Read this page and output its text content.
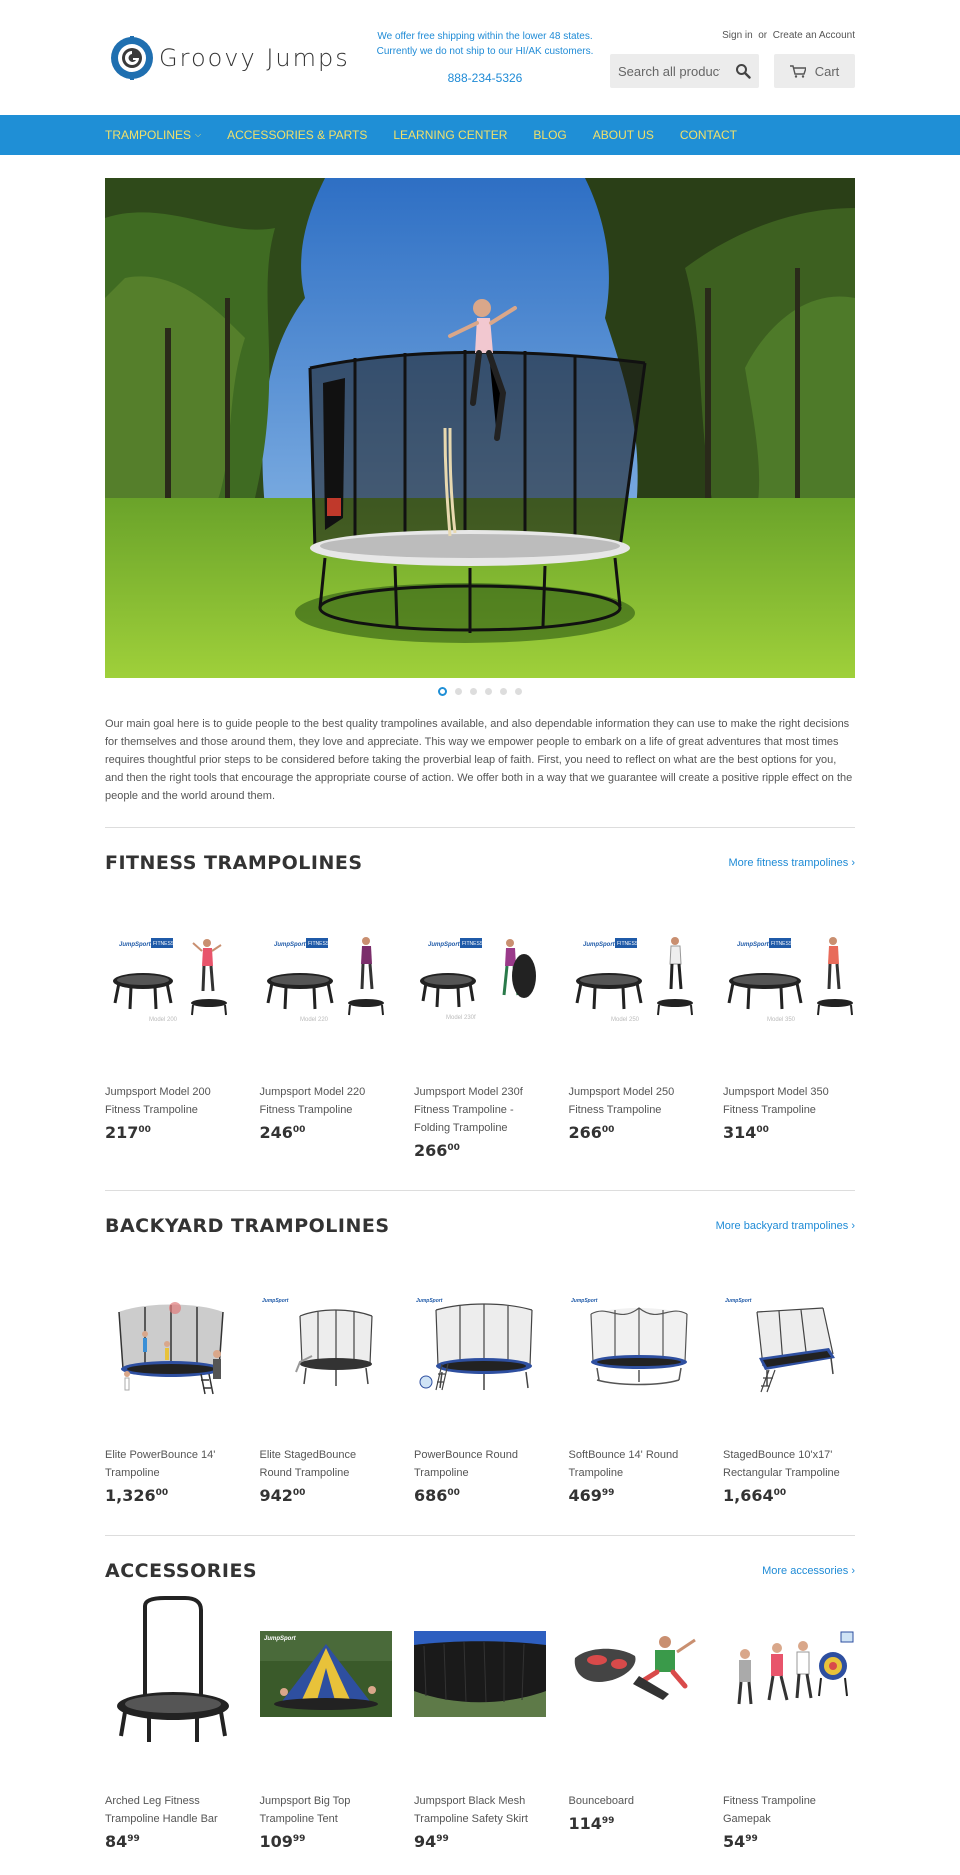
Groovy Jumps
We offer free shipping within the lower 48 states.
Currently we do not ship to our HI/AK customers.
888-234-5326
Sign in or Create an Account
Search all products...
Cart
TRAMPOLINES ⌵ ACCESSORIES & PARTS LEARNING CENTER BLOG ABOUT US CONTACT

Our main goal here is to guide people to the best quality trampolines available, and also dependable information they can use to make the right decisions for themselves and those around them, they love and appreciate. This way we empower people to embark on a life of great adventures that most times requires thoughtful prior steps to be considered before taking the proverbial leap of faith. First, you need to reflect on what are the best options for you, and then the right tools that encourage the appropriate course of action. We offer both in a way that we guarantee will create a positive ripple effect on the people and the world around them.

FITNESS TRAMPOLINES	More fitness trampolines ›
JumpSport FITNESS
Model 200
Jumpsport Model 200 Fitness Trampoline
$217^{00}$
JumpSport FITNESS
Model 220
Jumpsport Model 220 Fitness Trampoline
$246^{00}$
JumpSport FITNESS
Model 230f
Jumpsport Model 230f Fitness Trampoline - Folding Trampoline
$266^{00}$
JumpSport FITNESS
Model 250
Jumpsport Model 250 Fitness Trampoline
$266^{00}$
JumpSport FITNESS
Model 350
Jumpsport Model 350 Fitness Trampoline
$314^{00}$
BACKYARD TRAMPOLINES	More backyard trampolines ›
Elite PowerBounce 14' Trampoline
1,326$^{00}$
JumpSport
Elite StagedBounce Round Trampoline
$942^{00}$
JumpSport
PowerBounce Round Trampoline
$686^{00}$
JumpSport
SoftBounce 14' Round Trampoline
$469^{99}$
JumpSport
StagedBounce 10'x17' Rectangular Trampoline
1,664$^{00}$
ACCESSORIES	More accessories ›
Arched Leg Fitness Trampoline Handle Bar
$84^{99}$
JumpSport
Jumpsport Big Top Trampoline Tent
$109^{99}$
Jumpsport Black Mesh Trampoline Safety Skirt
$94^{99}$
Bounceboard
$114^{99}$
Fitness Trampoline Gamepak
$54^{99}$
